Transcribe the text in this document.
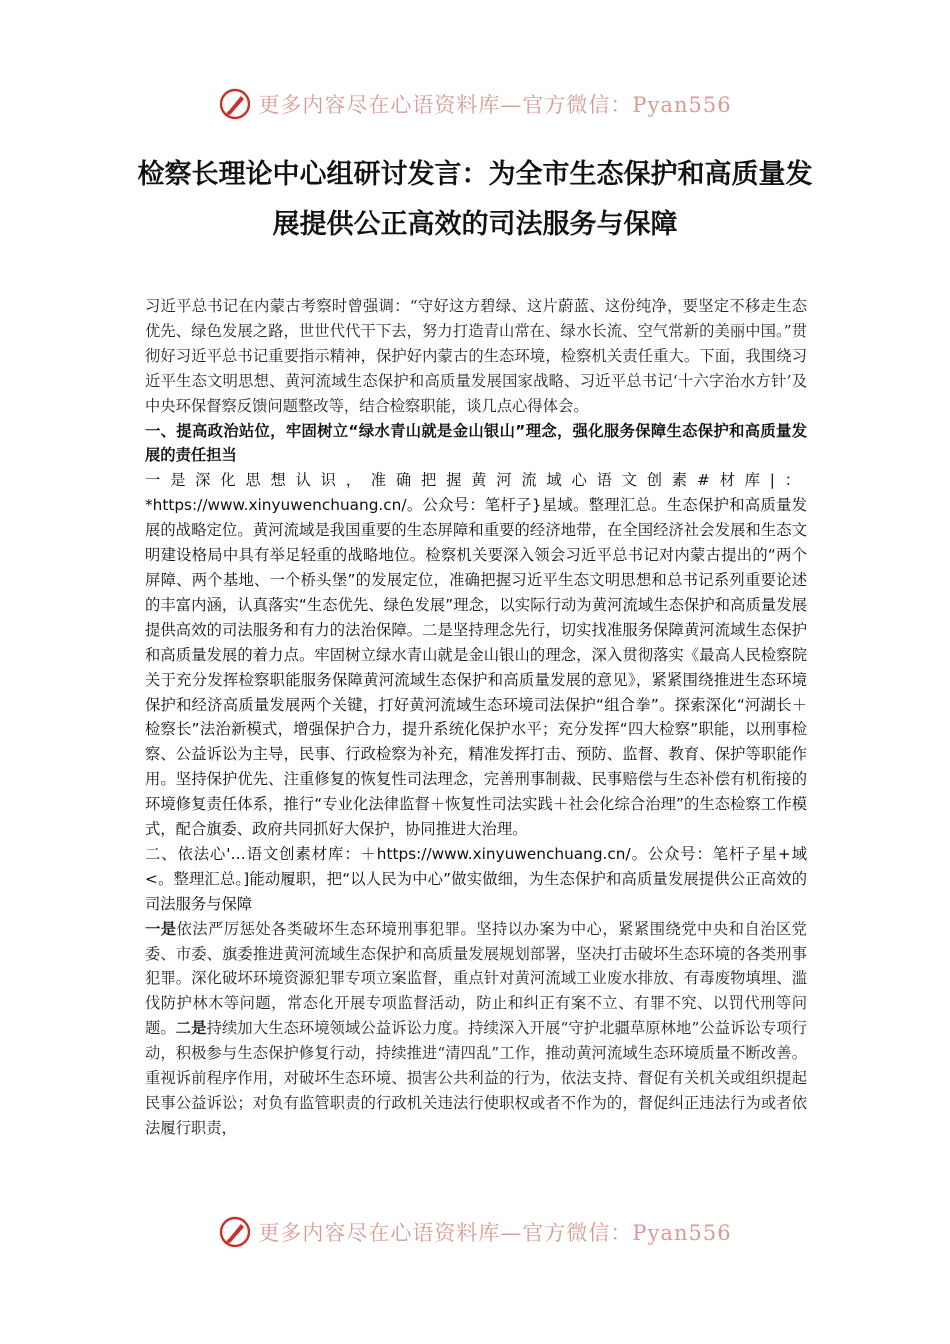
更多内容尽在心语资料库—官方微信：Pyan556
检察长理论中心组研讨发言：为全市生态保护和高质量发展提供公正高效的司法服务与保障

习近平总书记在内蒙古考察时曾强调：“守好这方碧绿、这片蔚蓝、这份纯净，要坚定不移走生态优先、绿色发展之路，世世代代干下去，努力打造青山常在、绿水长流、空气常新的美丽中国。”贯彻好习近平总书记重要指示精神，保护好内蒙古的生态环境，检察机关责任重大。下面，我围绕习近平生态文明思想、黄河流域生态保护和高质量发展国家战略、习近平总书记‘十六字治水方针’及中央环保督察反馈问题整改等，结合检察职能，谈几点心得体会。

一、提高政治站位，牢固树立“绿水青山就是金山银山”理念，强化服务保障生态保护和高质量发展的责任担当

一是深化思想认识，准确把握黄河流域心语文创素#材库|： *https://www.xinyuwenchuang.cn/。公众号：笔杆子}星域。整理汇总。生态保护和高质量发展的战略定位。黄河流域是我国重要的生态屏障和重要的经济地带，在全国经济社会发展和生态文明建设格局中具有举足轻重的战略地位。检察机关要深入领会习近平总书记对内蒙古提出的“两个屏障、两个基地、一个桥头堡”的发展定位，准确把握习近平生态文明思想和总书记系列重要论述的丰富内涵，认真落实“生态优先、绿色发展”理念，以实际行动为黄河流域生态保护和高质量发展提供高效的司法服务和有力的法治保障。二是坚持理念先行，切实找准服务保障黄河流域生态保护和高质量发展的着力点。牢固树立绿水青山就是金山银山的理念，深入贯彻落实《最高人民检察院关于充分发挥检察职能服务保障黄河流域生态保护和高质量发展的意见》，紧紧围绕推进生态环境保护和经济高质量发展两个关键，打好黄河流域生态环境司法保护“组合拳”。探索深化“河湖长＋检察长”法治新模式，增强保护合力，提升系统化保护水平；充分发挥“四大检察”职能，以刑事检察、公益诉讼为主导，民事、行政检察为补充，精准发挥打击、预防、监督、教育、保护等职能作用。坚持保护优先、注重修复的恢复性司法理念，完善刑事制裁、民事赔偿与生态补偿有机衔接的环境修复责任体系，推行“专业化法律监督＋恢复性司法实践＋社会化综合治理”的生态检察工作模式，配合旗委、政府共同抓好大保护，协同推进大治理。

二、依法心'…语文创素材库：＋https://www.xinyuwenchuang.cn/。公众号：笔杆子星+域<。整理汇总。]能动履职，把“以人民为中心”做实做细，为生态保护和高质量发展提供公正高效的司法服务与保障

一是依法严厉惩处各类破坏生态环境刑事犯罪。坚持以办案为中心，紧紧围绕党中央和自治区党委、市委、旗委推进黄河流域生态保护和高质量发展规划部署，坚决打击破坏生态环境的各类刑事犯罪。深化破坏环境资源犯罪专项立案监督，重点针对黄河流域工业废水排放、有毒废物填埋、滥伐防护林木等问题，常态化开展专项监督活动，防止和纠正有案不立、有罪不究、以罚代刑等问题。二是持续加大生态环境领域公益诉讼力度。持续深入开展“守护北疆草原林地”公益诉讼专项行动，积极参与生态保护修复行动，持续推进“清四乱”工作，推动黄河流域生态环境质量不断改善。重视诉前程序作用，对破坏生态环境、损害公共利益的行为，依法支持、督促有关机关或组织提起民事公益诉讼；对负有监管职责的行政机关违法行使职权或者不作为的，督促纠正违法行为或者依法履行职责，

更多内容尽在心语资料库—官方微信：Pyan556
